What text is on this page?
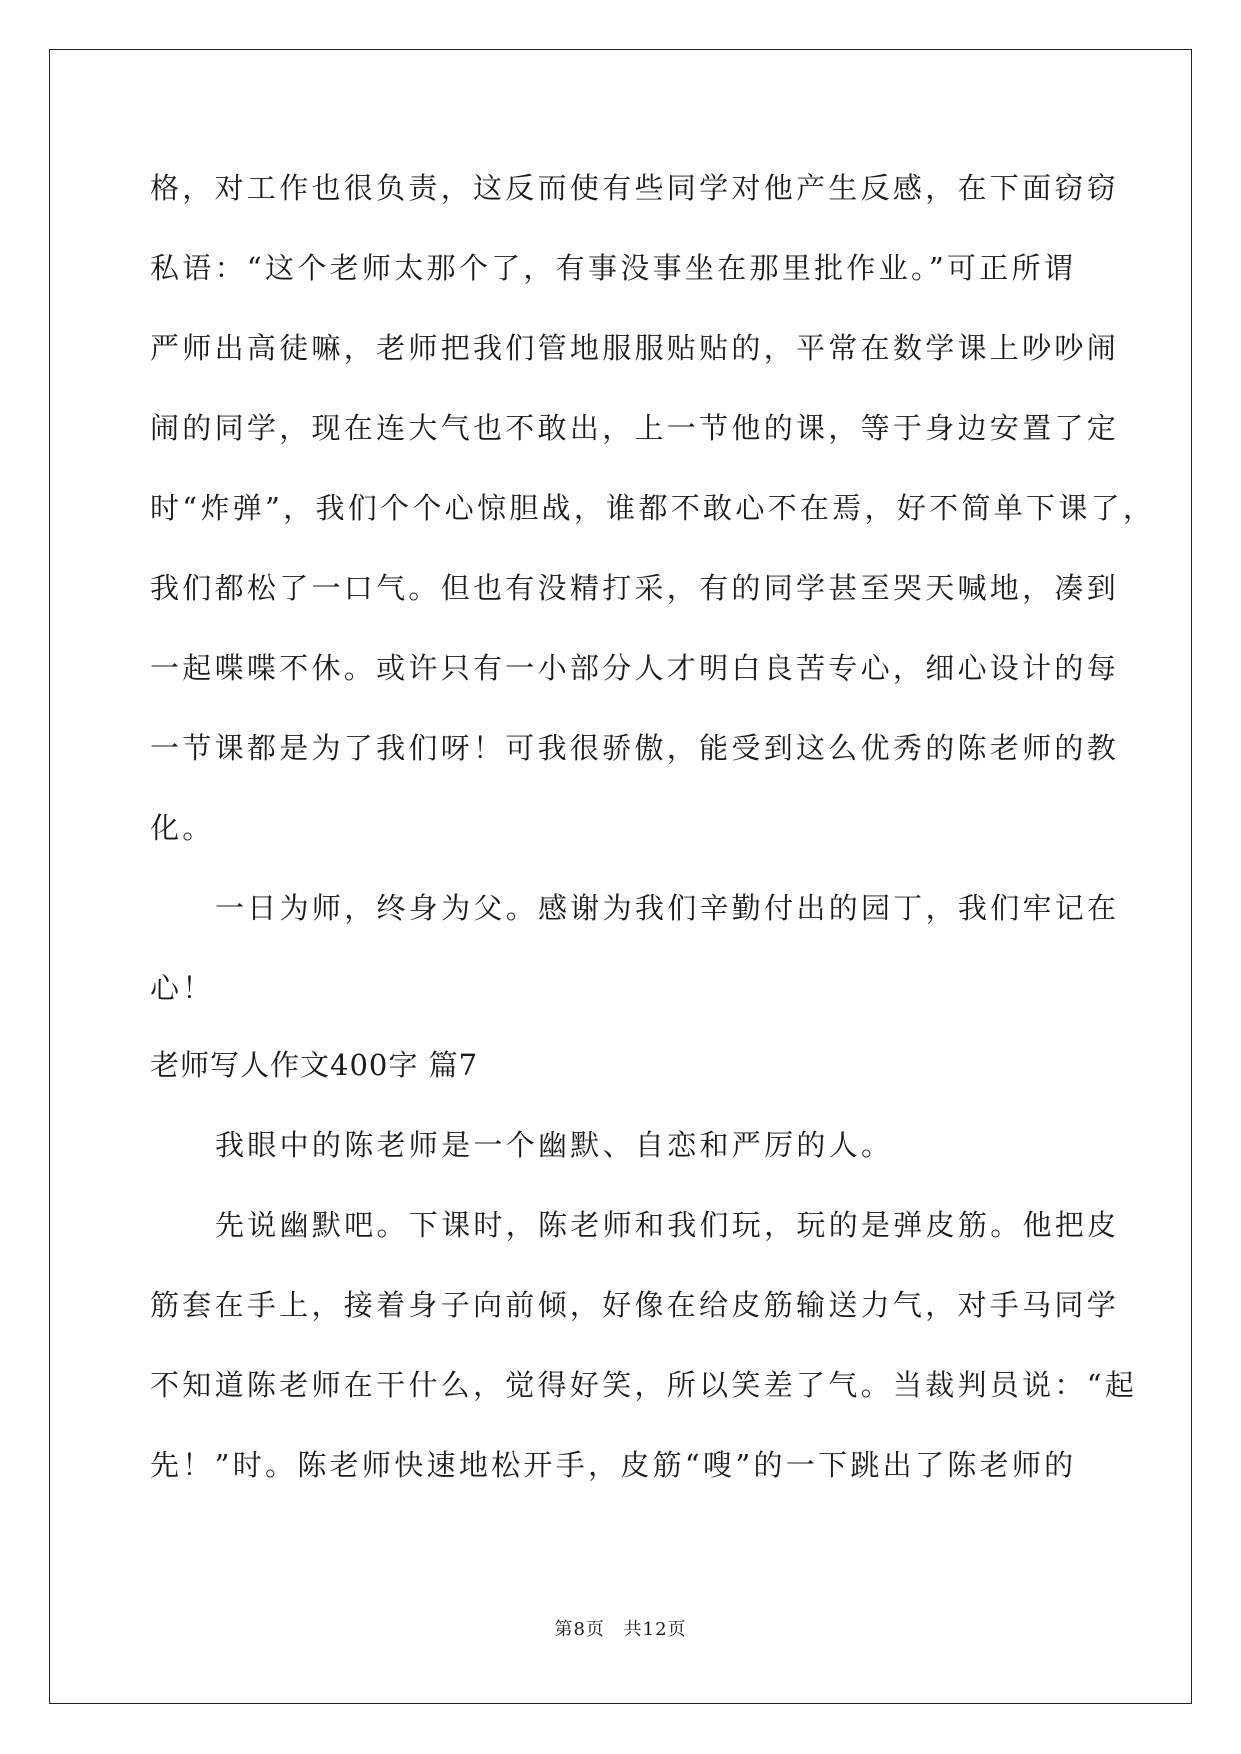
格，对工作也很负责，这反而使有些同学对他产生反感，在下面窃窃
私语：“这个老师太那个了，有事没事坐在那里批作业。”可正所谓
严师出高徒嘛，老师把我们管地服服贴贴的，平常在数学课上吵吵闹
闹的同学，现在连大气也不敢出，上一节他的课，等于身边安置了定
时“炸弹”，我们个个心惊胆战，谁都不敢心不在焉，好不简单下课了，
我们都松了一口气。但也有没精打采，有的同学甚至哭天喊地，凑到
一起喋喋不休。或许只有一小部分人才明白良苦专心，细心设计的每
一节课都是为了我们呀！可我很骄傲，能受到这么优秀的陈老师的教
化。
一日为师，终身为父。感谢为我们辛勤付出的园丁，我们牢记在
心！
老师写人作文400字 篇7
我眼中的陈老师是一个幽默、自恋和严厉的人。
先说幽默吧。下课时，陈老师和我们玩，玩的是弹皮筋。他把皮
筋套在手上，接着身子向前倾，好像在给皮筋输送力气，对手马同学
不知道陈老师在干什么，觉得好笑，所以笑差了气。当裁判员说：“起
先！”时。陈老师快速地松开手，皮筋“嗖”的一下跳出了陈老师的
第8页 共12页
